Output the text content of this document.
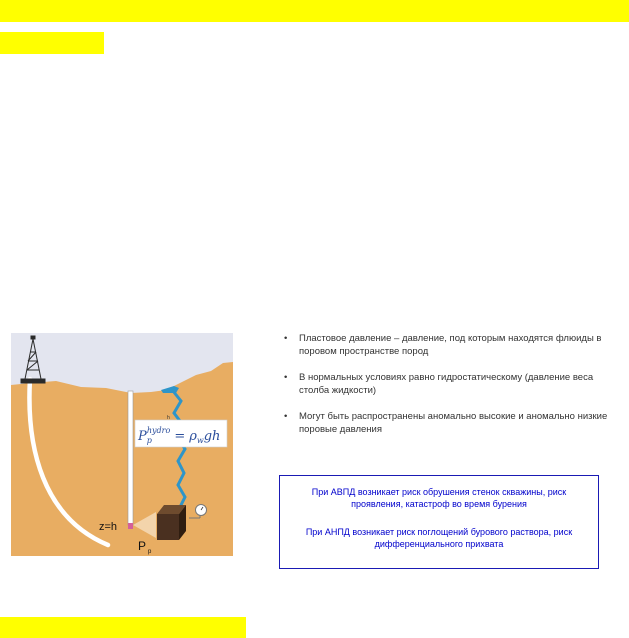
$P_phydro = \rho_wgh$
h
z=h
P $_p$
• Пластовое давление – давление, под которым находятся флюиды в поровом пространстве пород
• В нормальных условиях равно гидростатическому (давление веса столба жидкости)
• Могут быть распространены аномально высокие и аномально низкие поровые давления

При АВПД возникает риск обрушения стенок скважины, риск проявления, катастроф во время бурения

При АНПД возникает риск поглощений бурового раствора, риск дифференциального прихвата
